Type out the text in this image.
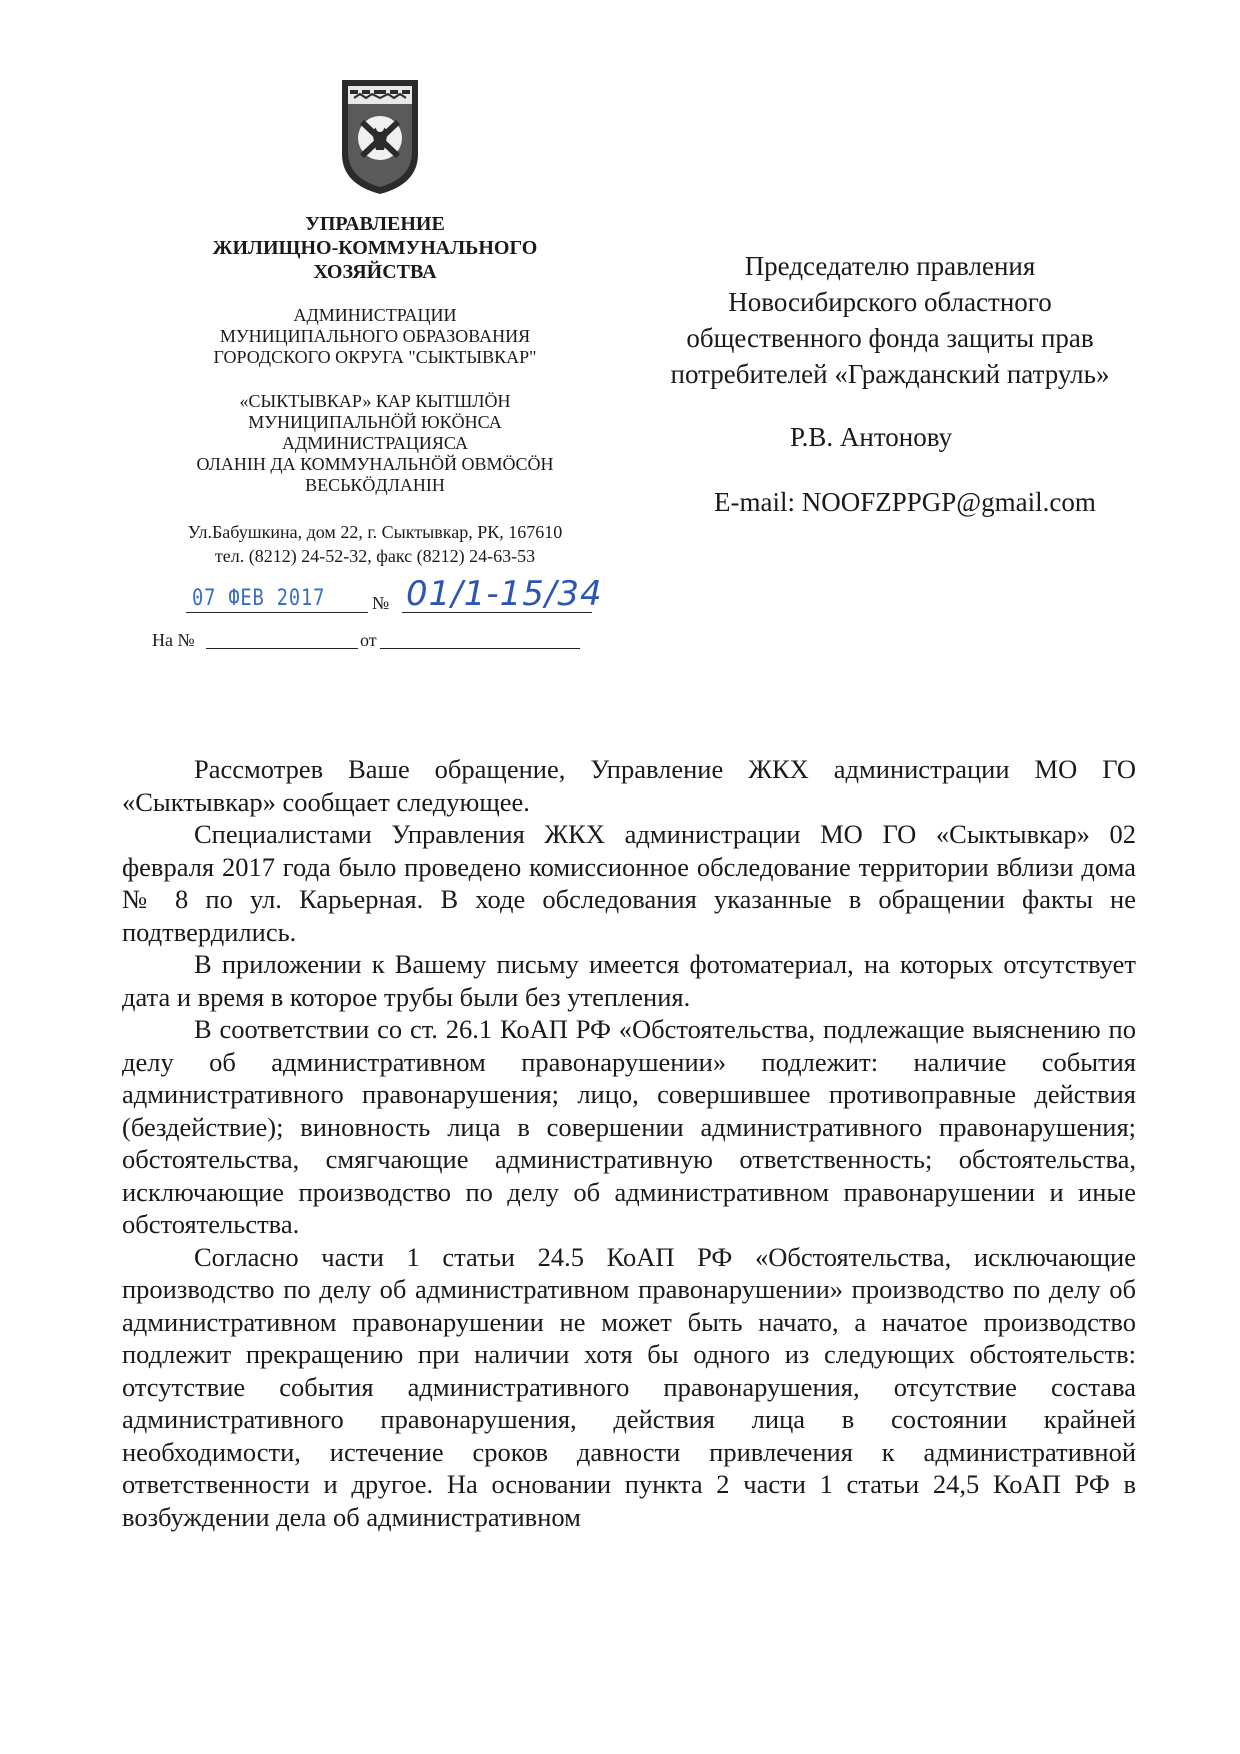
УПРАВЛЕНИЕ
ЖИЛИЩНО-КОММУНАЛЬНОГО
ХОЗЯЙСТВА
АДМИНИСТРАЦИИ
МУНИЦИПАЛЬНОГО ОБРАЗОВАНИЯ
ГОРОДСКОГО ОКРУГА "СЫКТЫВКАР"
«СЫКТЫВКАР» КАР КЫТШЛӦН
МУНИЦИПАЛЬНӦЙ ЮКӦНСА
АДМИНИСТРАЦИЯСА
ОЛАНIН ДА КОММУНАЛЬНӦЙ ОВМӦСӦН
ВЕСЬКӦДЛАНIН
Ул.Бабушкина, дом 22, г. Сыктывкар, РК, 167610
тел. (8212) 24-52-32, факс (8212) 24-63-53
07 ФЕВ 2017	№ 01/1-15/34
На №	от
Председателю правления
Новосибирского областного
общественного фонда защиты прав
потребителей «Гражданский патруль»
Р.В. Антонову
E-mail: NOOFZPPGP@gmail.com

Рассмотрев Ваше обращение, Управление ЖКХ администрации МО ГО «Сыктывкар» сообщает следующее.

Специалистами Управления ЖКХ администрации МО ГО «Сыктывкар» 02 февраля 2017 года было проведено комиссионное обследование территории вблизи дома № 8 по ул. Карьерная. В ходе обследования указанные в обращении факты не подтвердились.

В приложении к Вашему письму имеется фотоматериал, на которых отсутствует дата и время в которое трубы были без утепления.

В соответствии со ст. 26.1 КоАП РФ «Обстоятельства, подлежащие выяснению по делу об административном правонарушении» подлежит: наличие события административного правонарушения; лицо, совершившее противоправные действия (бездействие); виновность лица в совершении административного правонарушения; обстоятельства, смягчающие административную ответственность; обстоятельства, исключающие производство по делу об административном правонарушении и иные обстоятельства.

Согласно части 1 статьи 24.5 КоАП РФ «Обстоятельства, исключающие производство по делу об административном правонарушении» производство по делу об административном правонарушении не может быть начато, а начатое производство подлежит прекращению при наличии хотя бы одного из следующих обстоятельств: отсутствие события административного правонарушения, отсутствие состава административного правонарушения, действия лица в состоянии крайней необходимости, истечение сроков давности привлечения к административной ответственности и другое. На основании пункта 2 части 1 статьи 24,5 КоАП РФ в возбуждении дела об административном
